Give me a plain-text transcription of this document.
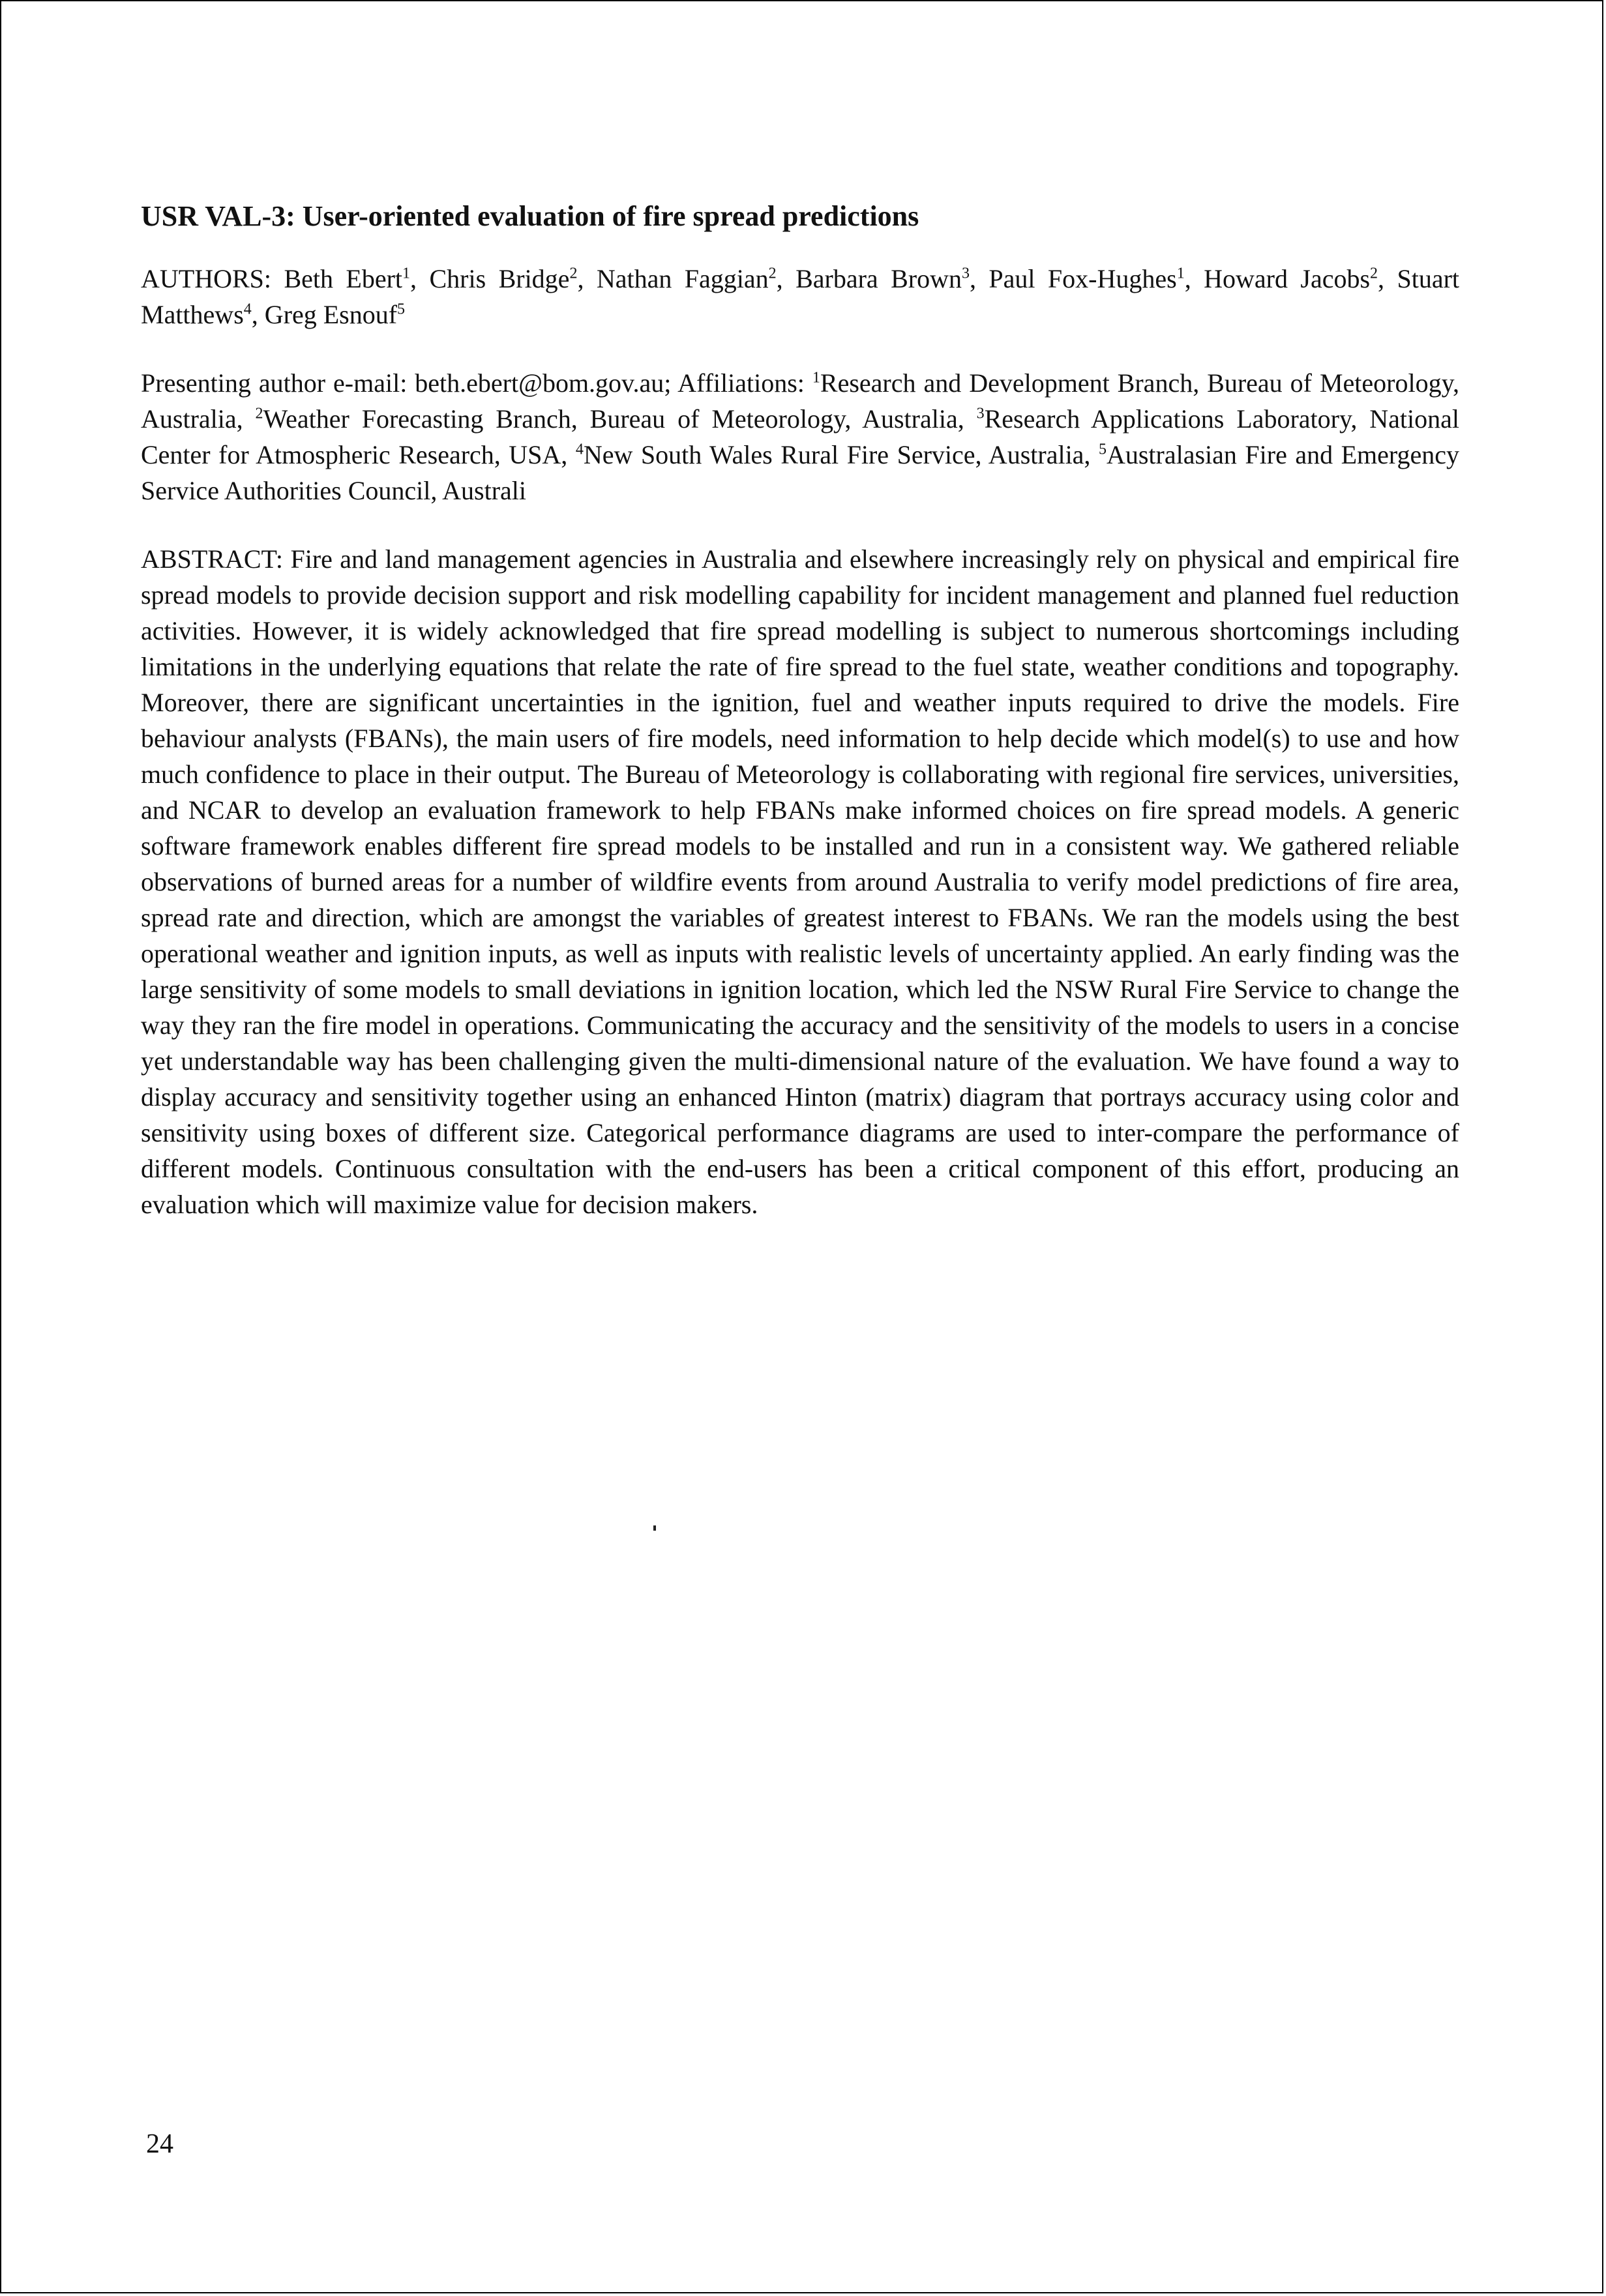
USR VAL-3: User-oriented evaluation of fire spread predictions

AUTHORS: Beth Ebert$^1$, Chris Bridge$^2$, Nathan Faggian$^2$, Barbara Brown$^3$, Paul Fox-Hughes$^1$, Howard Jacobs$^2$, Stuart Matthews$^4$, Greg Esnouf$^5$

Presenting author e-mail: beth.ebert@bom.gov.au; Affiliations: $^1$Research and Development Branch, Bureau of Meteorology, Australia, $^2$Weather Forecasting Branch, Bureau of Meteorology, Australia, $^3$Research Applications Laboratory, National Center for Atmospheric Research, USA, $^4$New South Wales Rural Fire Service, Australia, $^5$Australasian Fire and Emergency Service Authorities Council, Australi

ABSTRACT: Fire and land management agencies in Australia and elsewhere increasingly rely on physical and empirical fire spread models to provide decision support and risk modelling capability for incident management and planned fuel reduction activities. However, it is widely acknowledged that fire spread modelling is subject to numerous shortcomings including limitations in the underlying equations that relate the rate of fire spread to the fuel state, weather conditions and topography. Moreover, there are significant uncertainties in the ignition, fuel and weather inputs required to drive the models. Fire behaviour analysts (FBANs), the main users of fire models, need information to help decide which model(s) to use and how much confidence to place in their output. The Bureau of Meteorology is collaborating with regional fire services, universities, and NCAR to develop an evaluation framework to help FBANs make informed choices on fire spread models. A generic software framework enables different fire spread models to be installed and run in a consistent way. We gathered reliable observations of burned areas for a number of wildfire events from around Australia to verify model predictions of fire area, spread rate and direction, which are amongst the variables of greatest interest to FBANs. We ran the models using the best operational weather and ignition inputs, as well as inputs with realistic levels of uncertainty applied. An early finding was the large sensitivity of some models to small deviations in ignition location, which led the NSW Rural Fire Service to change the way they ran the fire model in operations. Communicating the accuracy and the sensitivity of the models to users in a concise yet understandable way has been challenging given the multi-dimensional nature of the evaluation. We have found a way to display accuracy and sensitivity together using an enhanced Hinton (matrix) diagram that portrays accuracy using color and sensitivity using boxes of different size. Categorical performance diagrams are used to inter-compare the performance of different models. Continuous consultation with the end-users has been a critical component of this effort, producing an evaluation which will maximize value for decision makers.

24
